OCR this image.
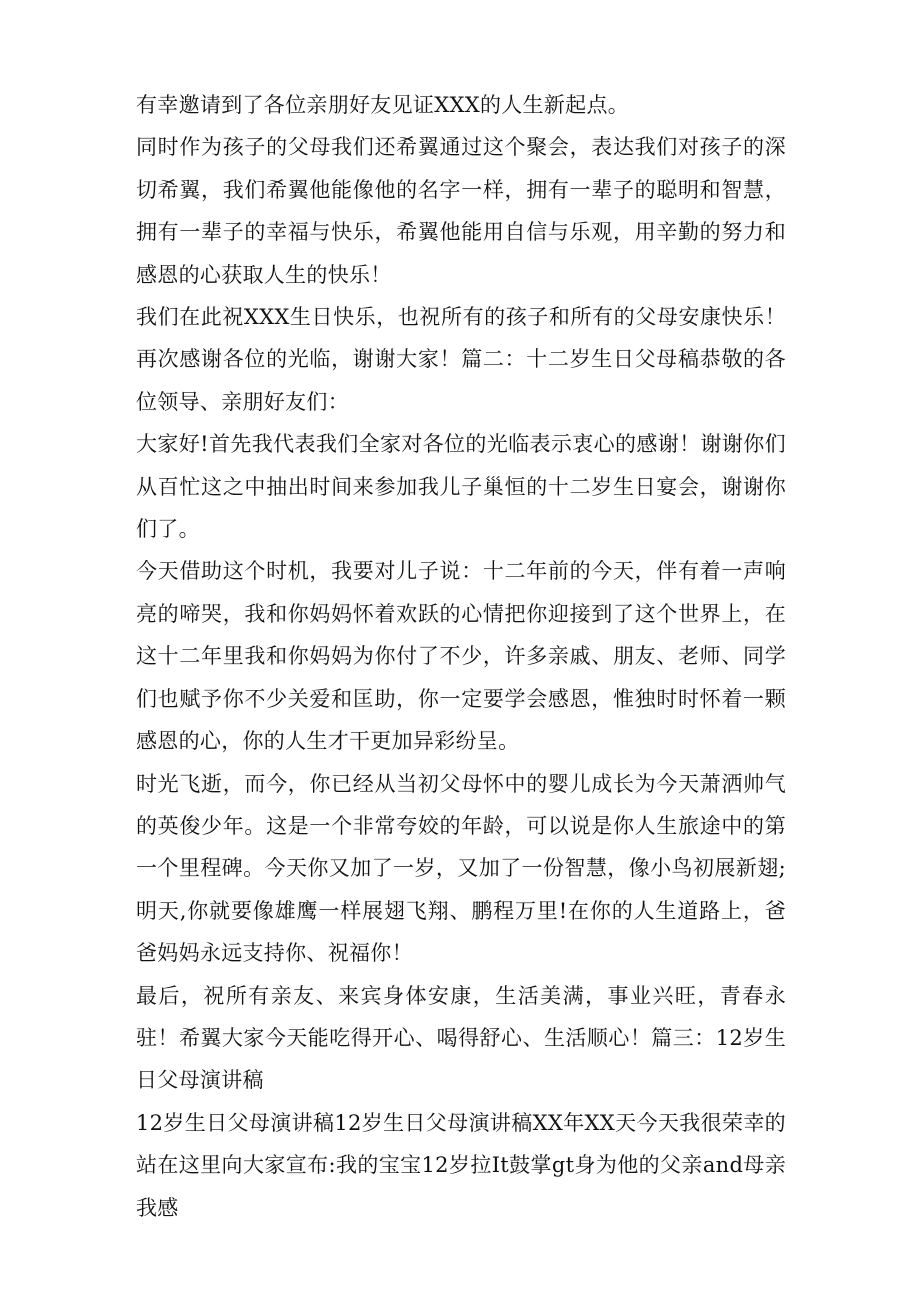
有幸邀请到了各位亲朋好友见证XXX的人生新起点。

同时作为孩子的父母我们还希翼通过这个聚会，表达我们对孩子的深切希翼，我们希翼他能像他的名字一样，拥有一辈子的聪明和智慧，拥有一辈子的幸福与快乐，希翼他能用自信与乐观，用辛勤的努力和感恩的心获取人生的快乐！

我们在此祝XXX生日快乐，也祝所有的孩子和所有的父母安康快乐！再次感谢各位的光临，谢谢大家！篇二：十二岁生日父母稿恭敬的各位领导、亲朋好友们：

大家好!首先我代表我们全家对各位的光临表示衷心的感谢！谢谢你们从百忙这之中抽出时间来参加我儿子巢恒的十二岁生日宴会，谢谢你们了。

今天借助这个时机，我要对儿子说：十二年前的今天，伴有着一声响亮的啼哭，我和你妈妈怀着欢跃的心情把你迎接到了这个世界上，在这十二年里我和你妈妈为你付了不少，许多亲戚、朋友、老师、同学们也赋予你不少关爱和匡助，你一定要学会感恩，惟独时时怀着一颗感恩的心，你的人生才干更加异彩纷呈。

时光飞逝，而今，你已经从当初父母怀中的婴儿成长为今天萧洒帅气的英俊少年。这是一个非常夸姣的年龄，可以说是你人生旅途中的第一个里程碑。今天你又加了一岁，又加了一份智慧，像小鸟初展新翅;明天,你就要像雄鹰一样展翅飞翔、鹏程万里!在你的人生道路上，爸爸妈妈永远支持你、祝福你！

最后，祝所有亲友、来宾身体安康，生活美满，事业兴旺，青春永驻！希翼大家今天能吃得开心、喝得舒心、生活顺心！篇三：12岁生日父母演讲稿

12岁生日父母演讲稿12岁生日父母演讲稿XX年XX天今天我很荣幸的站在这里向大家宣布:我的宝宝12岁拉It鼓掌gt身为他的父亲and母亲我感
